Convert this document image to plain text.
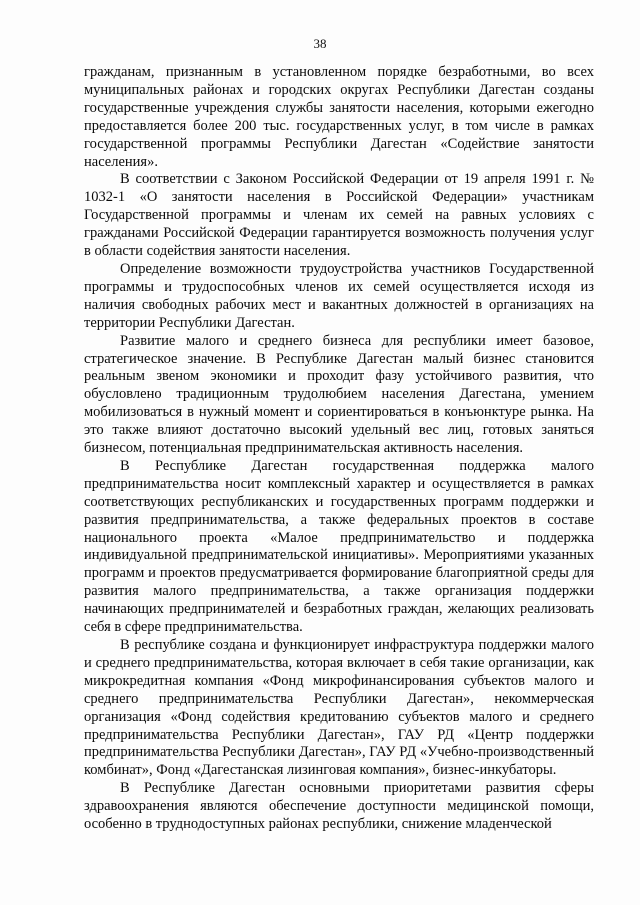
38

гражданам, признанным в установленном порядке безработными, во всех муниципальных районах и городских округах Республики Дагестан созданы государственные учреждения службы занятости населения, которыми ежегодно предоставляется более 200 тыс. государственных услуг, в том числе в рамках государственной программы Республики Дагестан «Содействие занятости населения».

В соответствии с Законом Российской Федерации от 19 апреля 1991 г. № 1032-1 «О занятости населения в Российской Федерации» участникам Государственной программы и членам их семей на равных условиях с гражданами Российской Федерации гарантируется возможность получения услуг в области содействия занятости населения.

Определение возможности трудоустройства участников Государственной программы и трудоспособных членов их семей осуществляется исходя из наличия свободных рабочих мест и вакантных должностей в организациях на территории Республики Дагестан.

Развитие малого и среднего бизнеса для республики имеет базовое, стратегическое значение. В Республике Дагестан малый бизнес становится реальным звеном экономики и проходит фазу устойчивого развития, что обусловлено традиционным трудолюбием населения Дагестана, умением мобилизоваться в нужный момент и сориентироваться в конъюнктуре рынка. На это также влияют достаточно высокий удельный вес лиц, готовых заняться бизнесом, потенциальная предпринимательская активность населения.

В Республике Дагестан государственная поддержка малого предпринимательства носит комплексный характер и осуществляется в рамках соответствующих республиканских и государственных программ поддержки и развития предпринимательства, а также федеральных проектов в составе национального проекта «Малое предпринимательство и поддержка индивидуальной предпринимательской инициативы». Мероприятиями указанных программ и проектов предусматривается формирование благоприятной среды для развития малого предпринимательства, а также организация поддержки начинающих предпринимателей и безработных граждан, желающих реализовать себя в сфере предпринимательства.

В республике создана и функционирует инфраструктура поддержки малого и среднего предпринимательства, которая включает в себя такие организации, как микрокредитная компания «Фонд микрофинансирования субъектов малого и среднего предпринимательства Республики Дагестан», некоммерческая организация «Фонд содействия кредитованию субъектов малого и среднего предпринимательства Республики Дагестан», ГАУ РД «Центр поддержки предпринимательства Республики Дагестан», ГАУ РД «Учебно-производственный комбинат», Фонд «Дагестанская лизинговая компания», бизнес-инкубаторы.

В Республике Дагестан основными приоритетами развития сферы здравоохранения являются обеспечение доступности медицинской помощи, особенно в труднодоступных районах республики, снижение младенческой
